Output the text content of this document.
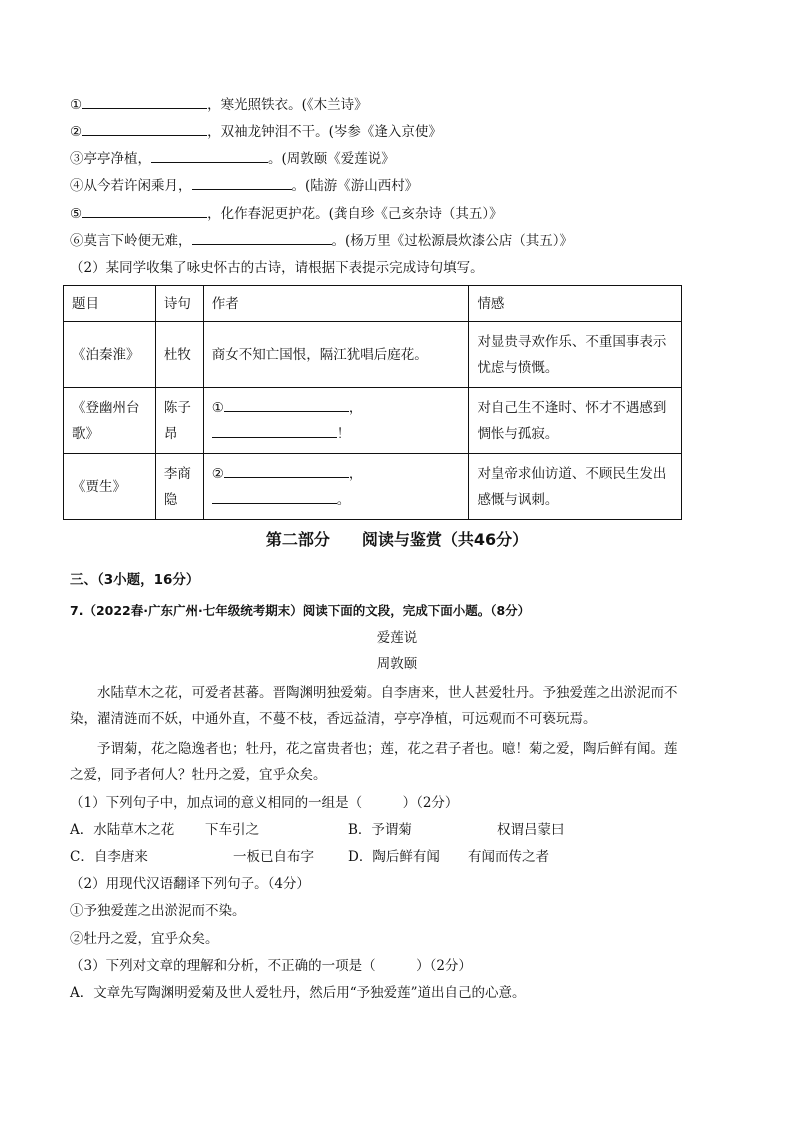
①	，寒光照铁衣。(《木兰诗》
②	，双袖龙钟泪不干。(岑参《逢入京使》
③亭亭净植，	。(周敦颐《爱莲说》
④从今若许闲乘月，	。(陆游《游山西村》
⑤	，化作春泥更护花。(龚自珍《己亥杂诗（其五）》
⑥莫言下岭便无难，	。(杨万里《过松源晨炊漆公店（其五）》
（2）某同学收集了咏史怀古的古诗，请根据下表提示完成诗句填写。
题目	诗句	作者	情感
《泊秦淮》	杜牧	商女不知亡国恨，隔江犹唱后庭花。	对显贵寻欢作乐、不重国事表示忧虑与愤慨。
《登幽州台歌》	陈子昂	① ，
！	对自己生不逢时、怀才不遇感到惆怅与孤寂。
《贾生》	李商隐	② ，
。	对皇帝求仙访道、不顾民生发出感慨与讽刺。
第二部分　　阅读与鉴赏（共46分）
三、（3小题，16分）
7.（2022春·广东广州·七年级统考期末）阅读下面的文段，完成下面小题。（8分）
爱莲说
周敦颐
水陆草木之花，可爱者甚蕃。晋陶渊明独爱菊。自李唐来，世人甚爱牡丹。予独爱莲之出淤泥而不染，濯清涟而不妖，中通外直，不蔓不枝，香远益清，亭亭净植，可远观而不可亵玩焉。
予谓菊，花之隐逸者也；牡丹，花之富贵者也；莲，花之君子者也。噫！菊之爱，陶后鲜有闻。莲之爱，同予者何人？牡丹之爱，宜乎众矣。
（1）下列句子中，加点词的意义相同的一组是（　　　）（2分）
A．水陆草木之花 下车引之	B．予谓菊	权谓吕蒙曰
C．自李唐来	一板已自布字	D．陶后鲜有闻 有闻而传之者
（2）用现代汉语翻译下列句子。（4分）
①予独爱莲之出淤泥而不染。
②牡丹之爱，宜乎众矣。
（3）下列对文章的理解和分析，不正确的一项是（　　　）（2分）
A．文章先写陶渊明爱菊及世人爱牡丹，然后用“予独爱莲”道出自己的心意。
